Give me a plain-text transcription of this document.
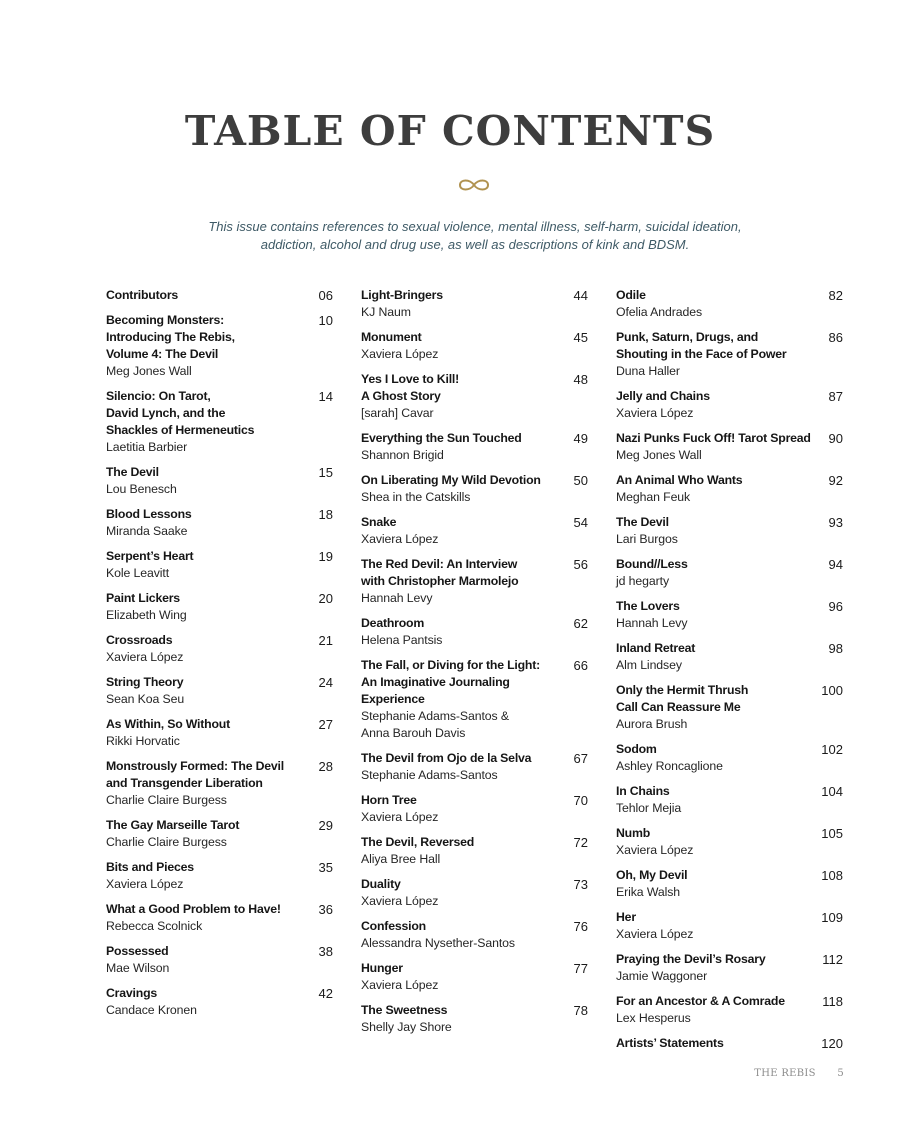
TABLE OF CONTENTS

This issue contains references to sexual violence, mental illness, self-harm, suicidal ideation,
addiction, alcohol and drug use, as well as descriptions of kink and BDSM.

Contributors	06
Becoming Monsters:
Introducing The Rebis,
Volume 4: The Devil
Meg Jones Wall
10
Silencio: On Tarot,
David Lynch, and the
Shackles of Hermeneutics
Laetitia Barbier
14
The Devil
Lou Benesch
15
Blood Lessons
Miranda Saake
18
Serpent’s Heart
Kole Leavitt
19
Paint Lickers
Elizabeth Wing
20
Crossroads
Xaviera López
21
String Theory
Sean Koa Seu
24
As Within, So Without
Rikki Horvatic
27
Monstrously Formed: The Devil
and Transgender Liberation
Charlie Claire Burgess
28
The Gay Marseille Tarot
Charlie Claire Burgess
29
Bits and Pieces
Xaviera López
35
What a Good Problem to Have!
Rebecca Scolnick
36
Possessed
Mae Wilson
38
Cravings
Candace Kronen
42
Light-Bringers
KJ Naum
44
Monument
Xaviera López
45
Yes I Love to Kill!
A Ghost Story
[sarah] Cavar
48
Everything the Sun Touched
Shannon Brigid
49
On Liberating My Wild Devotion
Shea in the Catskills
50
Snake
Xaviera López
54
The Red Devil: An Interview
with Christopher Marmolejo
Hannah Levy
56
Deathroom
Helena Pantsis
62
The Fall, or Diving for the Light:
An Imaginative Journaling Experience
Stephanie Adams-Santos &
Anna Barouh Davis
66
The Devil from Ojo de la Selva
Stephanie Adams-Santos
67
Horn Tree
Xaviera López
70
The Devil, Reversed
Aliya Bree Hall
72
Duality
Xaviera López
73
Confession
Alessandra Nysether-Santos
76
Hunger
Xaviera López
77
The Sweetness
Shelly Jay Shore
78
Odile
Ofelia Andrades
82
Punk, Saturn, Drugs, and
Shouting in the Face of Power
Duna Haller
86
Jelly and Chains
Xaviera López
87
Nazi Punks Fuck Off! Tarot Spread
Meg Jones Wall
90
An Animal Who Wants
Meghan Feuk
92
The Devil
Lari Burgos
93
Bound//Less
jd hegarty
94
The Lovers
Hannah Levy
96
Inland Retreat
Alm Lindsey
98
Only the Hermit Thrush
Call Can Reassure Me
Aurora Brush
100
Sodom
Ashley Roncaglione
102
In Chains
Tehlor Mejia
104
Numb
Xaviera López
105
Oh, My Devil
Erika Walsh
108
Her
Xaviera López
109
Praying the Devil’s Rosary
Jamie Waggoner
112
For an Ancestor & A Comrade
Lex Hesperus
118
Artists’ Statements	120
THE REBIS 5
